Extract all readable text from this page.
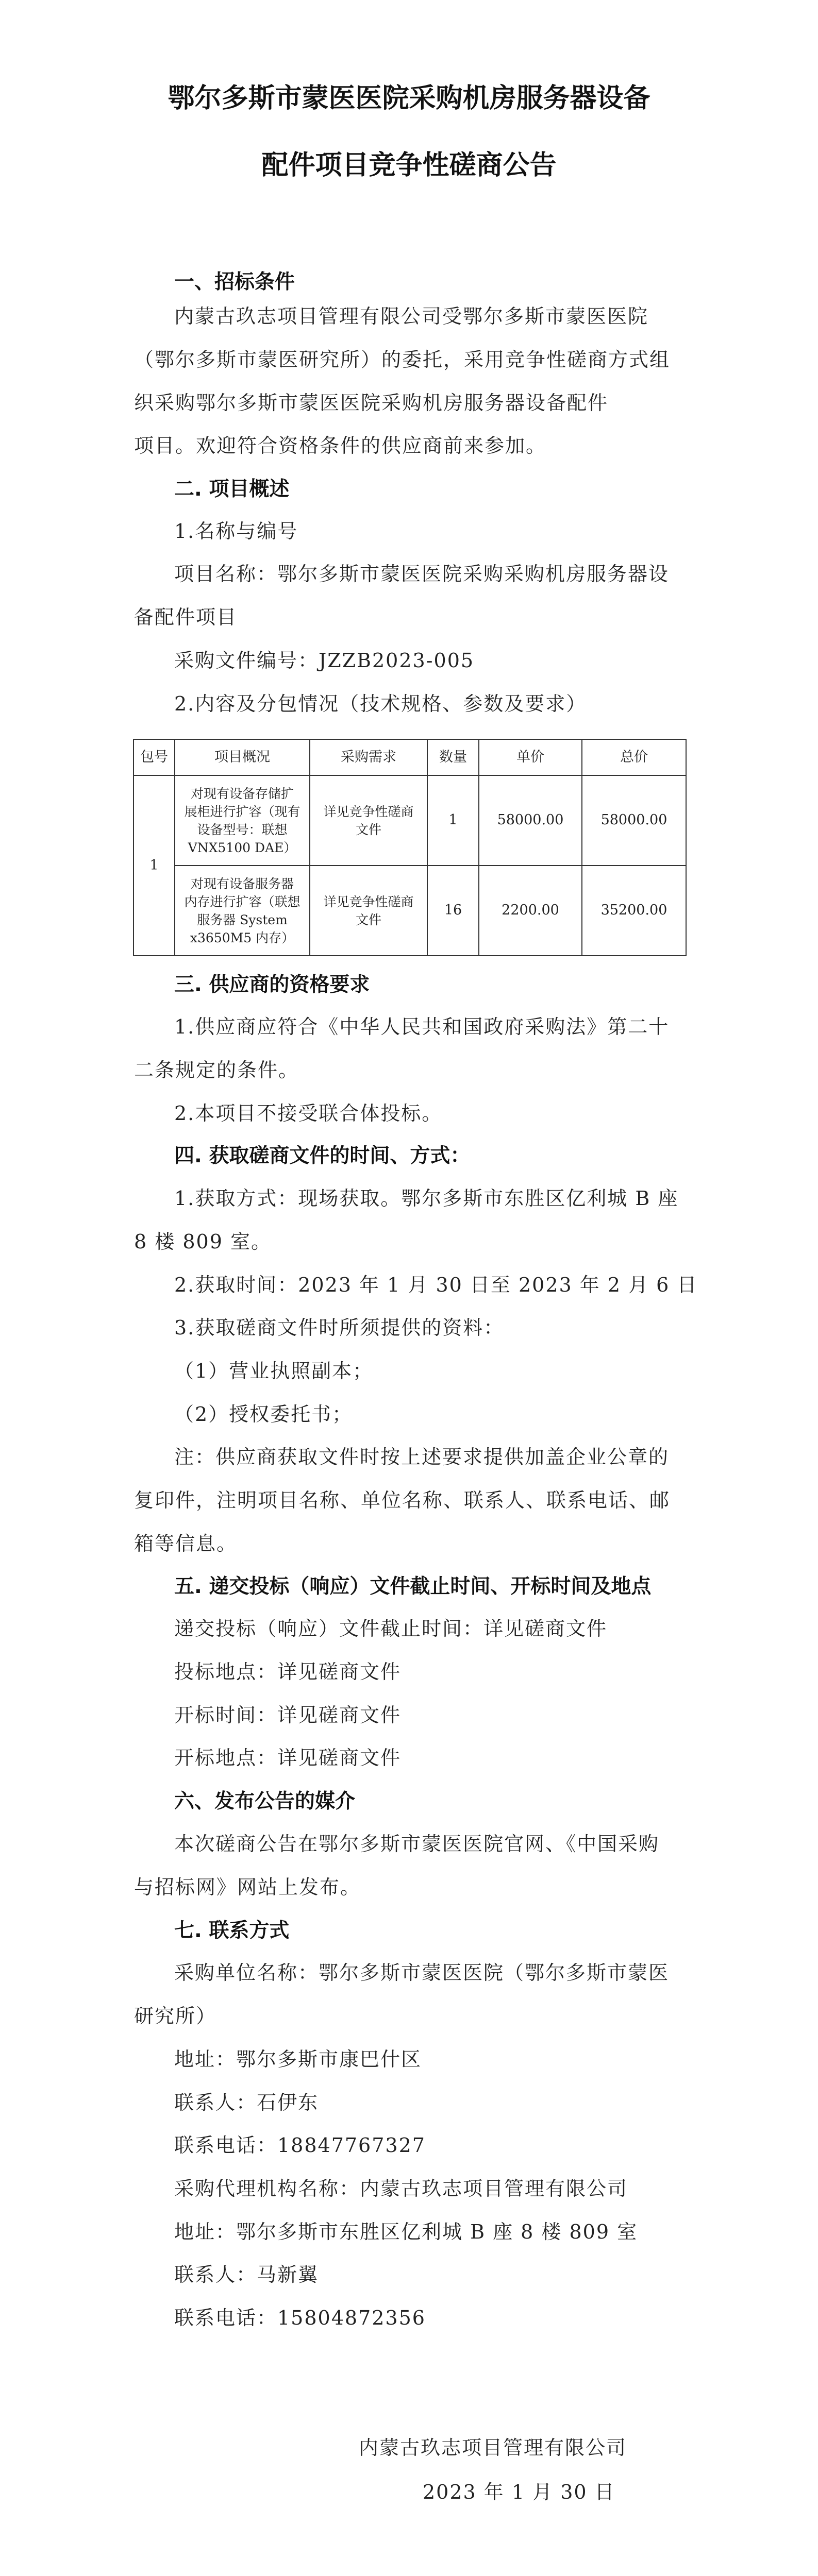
鄂尔多斯市蒙医医院采购机房服务器设备
配件项目竞争性磋商公告
一、招标条件
内蒙古玖志项目管理有限公司受鄂尔多斯市蒙医医院
（鄂尔多斯市蒙医研究所）的委托，采用竞争性磋商方式组
织采购鄂尔多斯市蒙医医院采购机房服务器设备配件
项目。欢迎符合资格条件的供应商前来参加。
二. 项目概述
1.名称与编号
项目名称：鄂尔多斯市蒙医医院采购采购机房服务器设
备配件项目
采购文件编号：JZZB2023-005
2.内容及分包情况（技术规格、参数及要求）
包号	项目概况	采购需求	数量	单价	总价
1	对现有设备存储扩
展柜进行扩容（现有
设备型号：联想
VNX5100 DAE）	详见竞争性磋商
文件	1	58000.00	58000.00
	对现有设备服务器
内存进行扩容（联想
服务器 System
x3650M5 内存）	详见竞争性磋商
文件	16	2200.00	35200.00
三. 供应商的资格要求
1.供应商应符合《中华人民共和国政府采购法》第二十
二条规定的条件。
2.本项目不接受联合体投标。
四. 获取磋商文件的时间、方式：
1.获取方式：现场获取。鄂尔多斯市东胜区亿利城 B 座
8 楼 809 室。
2.获取时间：2023 年 1 月 30 日至 2023 年 2 月 6 日
3.获取磋商文件时所须提供的资料：
（1）营业执照副本；
（2）授权委托书；
注：供应商获取文件时按上述要求提供加盖企业公章的
复印件，注明项目名称、单位名称、联系人、联系电话、邮
箱等信息。
五. 递交投标（响应）文件截止时间、开标时间及地点
递交投标（响应）文件截止时间：详见磋商文件
投标地点：详见磋商文件
开标时间：详见磋商文件
开标地点：详见磋商文件
六、发布公告的媒介
本次磋商公告在鄂尔多斯市蒙医医院官网、《中国采购
与招标网》网站上发布。
七. 联系方式
采购单位名称：鄂尔多斯市蒙医医院（鄂尔多斯市蒙医
研究所）
地址：鄂尔多斯市康巴什区
联系人：石伊东
联系电话：18847767327
采购代理机构名称：内蒙古玖志项目管理有限公司
地址：鄂尔多斯市东胜区亿利城 B 座 8 楼 809 室
联系人：马新翼
联系电话：15804872356
内蒙古玖志项目管理有限公司
2023 年 1 月 30 日
